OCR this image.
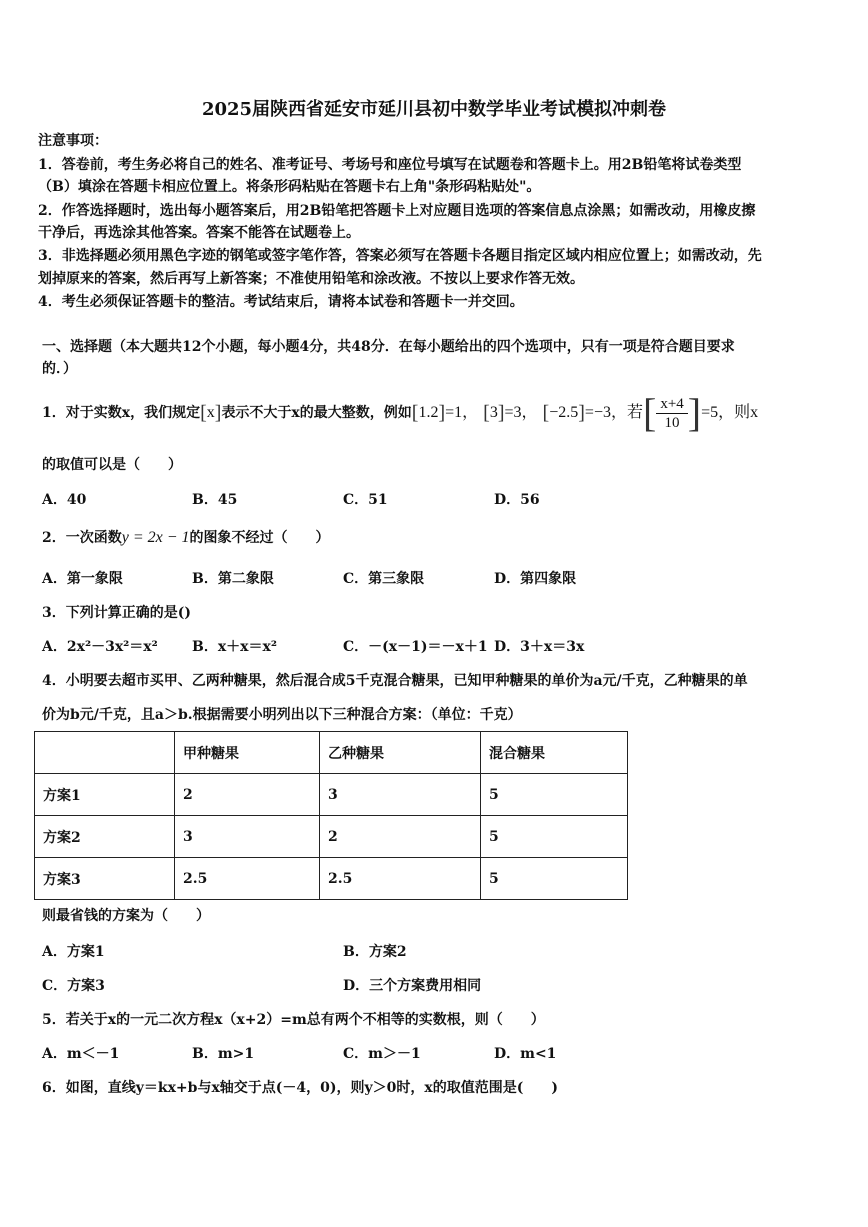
2025届陕西省延安市延川县初中数学毕业考试模拟冲刺卷
注意事项：
1．答卷前，考生务必将自己的姓名、准考证号、考场号和座位号填写在试题卷和答题卡上。用2B铅笔将试卷类型
（B）填涂在答题卡相应位置上。将条形码粘贴在答题卡右上角"条形码粘贴处"。
2．作答选择题时，选出每小题答案后，用2B铅笔把答题卡上对应题目选项的答案信息点涂黑；如需改动，用橡皮擦
干净后，再选涂其他答案。答案不能答在试题卷上。
3．非选择题必须用黑色字迹的钢笔或签字笔作答，答案必须写在答题卡各题目指定区域内相应位置上；如需改动，先
划掉原来的答案，然后再写上新答案；不准使用铅笔和涂改液。不按以上要求作答无效。
4．考生必须保证答题卡的整洁。考试结束后，请将本试卷和答题卡一并交回。
一、选择题（本大题共12个小题，每小题4分，共48分．在每小题给出的四个选项中，只有一项是符合题目要求
的．）
1．对于实数x，我们规定 [ x ] 表示不大于x的最大整数，例如 [ 1.2 ] =1， [ 3 ] =3， [ −2.5 ] =−3，若 [ $\frac{x+4}{10}$ ] =5，则x
的取值可以是（　　）
A．40	B．45	C．51	D．56
2．一次函数y = 2x − 1的图象不经过（　　）
A．第一象限	B．第二象限	C．第三象限	D．第四象限
3．下列计算正确的是()
A．2x²－3x²＝x² B．x＋x＝x²	C．－(x－1)＝－x＋1 D．3＋x＝3x
4．小明要去超市买甲、乙两种糖果，然后混合成5千克混合糖果，已知甲种糖果的单价为a元/千克，乙种糖果的单
价为b元/千克，且a＞b.根据需要小明列出以下三种混合方案：（单位：千克）
	甲种糖果	乙种糖果	混合糖果
方案1	2	3	5
方案2	3	2	5
方案3	2.5	2.5	5
则最省钱的方案为（　　）
A．方案1	B．方案2
C．方案3	D．三个方案费用相同
5．若关于x的一元二次方程x（x+2）=m总有两个不相等的实数根，则（　　）
A．m＜－1	B．m>1	C．m＞－1	D．m<1
6．如图，直线y＝kx+b与x轴交于点(－4，0)，则y＞0时，x的取值范围是(　　)
